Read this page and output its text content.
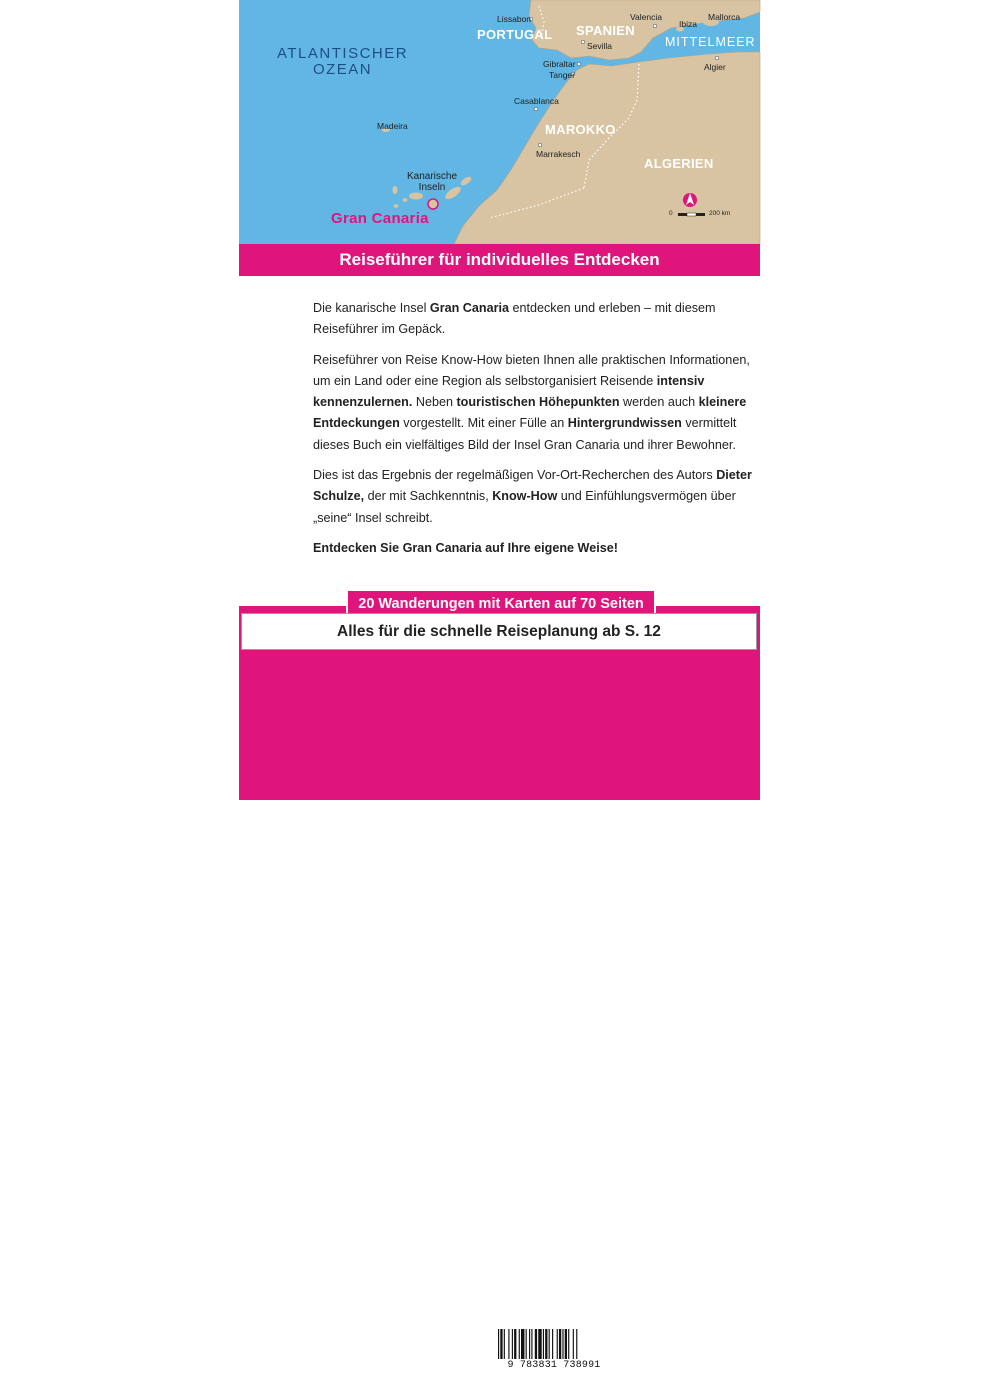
ATLANTISCHER
OZEAN
MITTELMEER
PORTUGAL SPANIEN
MAROKKO
ALGERIEN
Lissabon	Valencia
Ibiza
Mallorca
Sevilla
Gibraltar
Tanger
Algier
Casablanca
Marrakesch
Madeira
Kanarische
Inseln
Gran Canaria	0	200 km
Reiseführer für individuelles Entdecken

Die kanarische Insel Gran Canaria entdecken und erleben – mit diesem Reiseführer im Gepäck.

Reiseführer von Reise Know-How bieten Ihnen alle praktischen Informationen, um ein Land oder eine Region als selbstorganisiert Reisende intensiv kennenzulernen. Neben touristischen Höhepunkten werden auch kleinere Entdeckungen vorgestellt. Mit einer Fülle an Hintergrundwissen vermittelt dieses Buch ein vielfältiges Bild der Insel Gran Canaria und ihrer Bewohner.

Dies ist das Ergebnis der regelmäßigen Vor-Ort-Recherchen des Autors Dieter Schulze, der mit Sachkenntnis, Know-How und Einfühlungsvermögen über „seine“ Insel schreibt.

Entdecken Sie Gran Canaria auf Ihre eigene Weise!

45 Stadtpläne und Karten
Kleine Sprachhilfe Spanisch
Gastronomisches Glossar
GPS-Tracks zum Download
€ 20,90 [D] | 408 Seiten
ISBN 978-3-8317-3899-1
9 783831 738991
Reise Know-How Verlag
Peter Rump GmbH, Bielefeld
13., neu bearbeitete
und aktualisierte
Auflage 2025/26
20 Wanderungen mit Karten auf 70 Seiten
Alles für die schnelle Reiseplanung ab S. 12
